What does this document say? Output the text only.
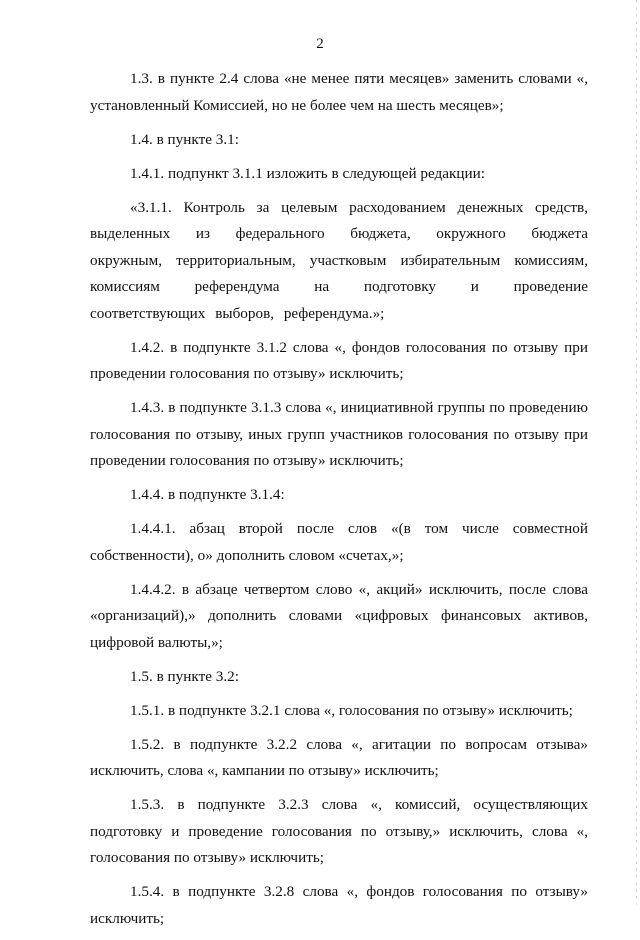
2

1.3. в пункте 2.4 слова «не менее пяти месяцев» заменить словами «, установленный Комиссией, но не более чем на шесть месяцев»;

1.4. в пункте 3.1:

1.4.1. подпункт 3.1.1 изложить в следующей редакции:

«3.1.1. Контроль за целевым расходованием денежных средств, выделенных из федерального бюджета, окружного бюджета окружным, территориальным, участковым избирательным комиссиям, комиссиям референдума на подготовку и проведение соответствующих выборов, референдума.»;

1.4.2. в подпункте 3.1.2 слова «, фондов голосования по отзыву при проведении голосования по отзыву» исключить;

1.4.3. в подпункте 3.1.3 слова «, инициативной группы по проведению голосования по отзыву, иных групп участников голосования по отзыву при проведении голосования по отзыву» исключить;

1.4.4. в подпункте 3.1.4:

1.4.4.1. абзац второй после слов «(в том числе совместной собственности), о» дополнить словом «счетах,»;

1.4.4.2. в абзаце четвертом слово «, акций» исключить, после слова «организаций),» дополнить словами «цифровых финансовых активов, цифровой валюты,»;

1.5. в пункте 3.2:

1.5.1. в подпункте 3.2.1 слова «, голосования по отзыву» исключить;

1.5.2. в подпункте 3.2.2 слова «, агитации по вопросам отзыва» исключить, слова «, кампании по отзыву» исключить;

1.5.3. в подпункте 3.2.3 слова «, комиссий, осуществляющих подготовку и проведение голосования по отзыву,» исключить, слова «, голосования по отзыву» исключить;

1.5.4. в подпункте 3.2.8 слова «, фондов голосования по отзыву» исключить;
